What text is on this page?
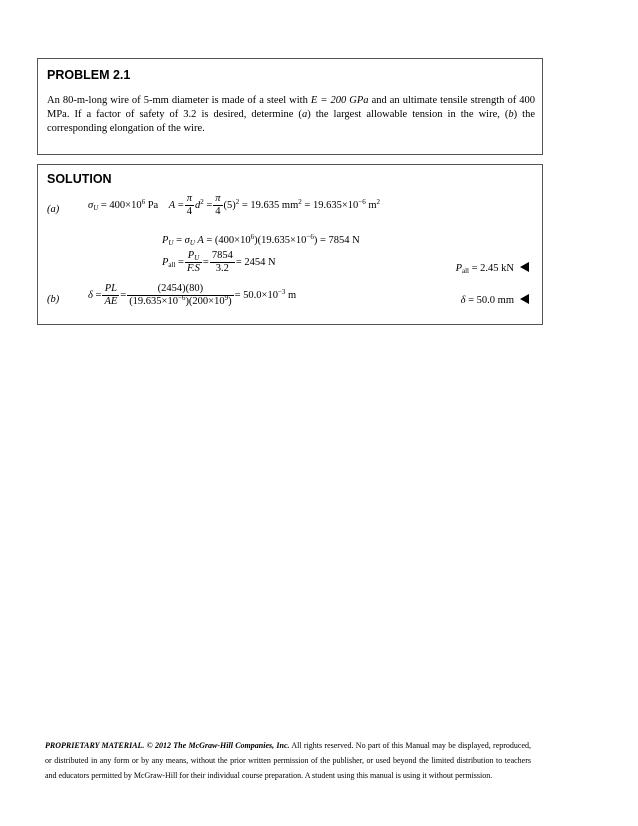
PROBLEM 2.1
An 80-m-long wire of 5-mm diameter is made of a steel with E = 200 GPa and an ultimate tensile strength of 400 MPa. If a factor of safety of 3.2 is desired, determine (a) the largest allowable tension in the wire, (b) the corresponding elongation of the wire.
SOLUTION
(a)	$\sigma_U = 400\times 10^6$ Pa    $A = \frac{\pi}{4} d^2 = \frac{\pi}{4} (5)^2 = 19.635$ $mm^2 = 19.635\times 10^{-6}$ $m^2$
$P_U = \sigma_U$ $A = (400\times 10^6)(19.635\times 10^{-6}) = 7854$ N
$P_{all} = \frac{P_U}{F.S} = \frac{7854}{3.2} = 2454$ N
$P_{all} = 2.45$ kN
(b)	$\delta = \frac{PL}{AE} = \frac{(2454)(80)}{(19.635\times 10^{-6})(200\times 10^9)} = 50.0\times 10^{-3}$ m	δ = 50.0 mm
PROPRIETARY MATERIAL. © 2012 The McGraw-Hill Companies, Inc. All rights reserved. No part of this Manual may be displayed, reproduced, or distributed in any form or by any means, without the prior written permission of the publisher, or used beyond the limited distribution to teachers and educators permitted by McGraw-Hill for their individual course preparation. A student using this manual is using it without permission.
